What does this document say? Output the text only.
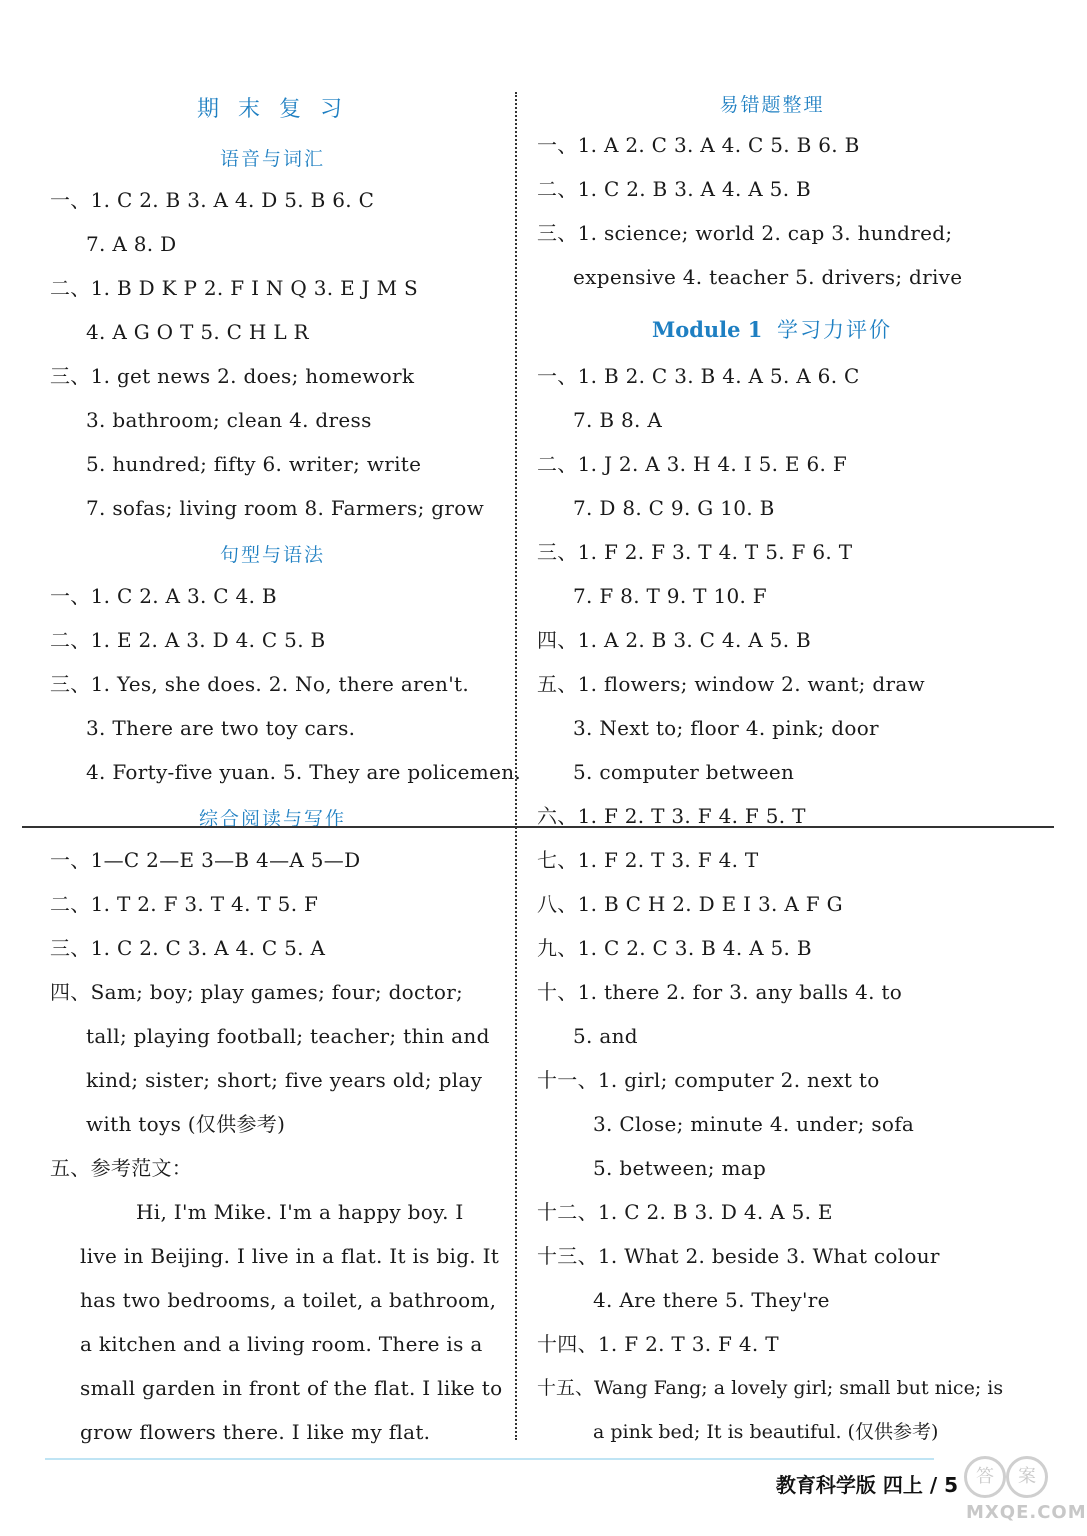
期 末 复 习
语音与词汇
一、1. C 2. B 3. A 4. D 5. B 6. C
7. A 8. D
二、1. B D K P 2. F I N Q 3. E J M S
4. A G O T 5. C H L R
三、1. get news 2. does; homework
3. bathroom; clean 4. dress
5. hundred; fifty 6. writer; write
7. sofas; living room 8. Farmers; grow
句型与语法
一、1. C 2. A 3. C 4. B
二、1. E 2. A 3. D 4. C 5. B
三、1. Yes, she does. 2. No, there aren't.
3. There are two toy cars.
4. Forty-five yuan. 5. They are policemen.
综合阅读与写作
一、1—C 2—E 3—B 4—A 5—D
二、1. T 2. F 3. T 4. T 5. F
三、1. C 2. C 3. A 4. C 5. A
四、Sam; boy; play games; four; doctor;
tall; playing football; teacher; thin and
kind; sister; short; five years old; play
with toys (仅供参考)
五、参考范文：
Hi, I'm Mike. I'm a happy boy. I
live in Beijing. I live in a flat. It is big. It
has two bedrooms, a toilet, a bathroom,
a kitchen and a living room. There is a
small garden in front of the flat. I like to
grow flowers there. I like my flat.
易错题整理
一、1. A 2. C 3. A 4. C 5. B 6. B
二、1. C 2. B 3. A 4. A 5. B
三、1. science; world 2. cap 3. hundred;
expensive 4. teacher 5. drivers; drive
Module 1 学习力评价
一、1. B 2. C 3. B 4. A 5. A 6. C
7. B 8. A
二、1. J 2. A 3. H 4. I 5. E 6. F
7. D 8. C 9. G 10. B
三、1. F 2. F 3. T 4. T 5. F 6. T
7. F 8. T 9. T 10. F
四、1. A 2. B 3. C 4. A 5. B
五、1. flowers; window 2. want; draw
3. Next to; floor 4. pink; door
5. computer between
六、1. F 2. T 3. F 4. F 5. T
七、1. F 2. T 3. F 4. T
八、1. B C H 2. D E I 3. A F G
九、1. C 2. C 3. B 4. A 5. B
十、1. there 2. for 3. any balls 4. to
5. and
十一、1. girl; computer 2. next to
3. Close; minute 4. under; sofa
5. between; map
十二、1. C 2. B 3. D 4. A 5. E
十三、1. What 2. beside 3. What colour
4. Are there 5. They're
十四、1. F 2. T 3. F 4. T
十五、Wang Fang; a lovely girl; small but nice; is
a pink bed; It is beautiful. (仅供参考)
教育科学版 四上 / 5	答	案
MXQE.COM
